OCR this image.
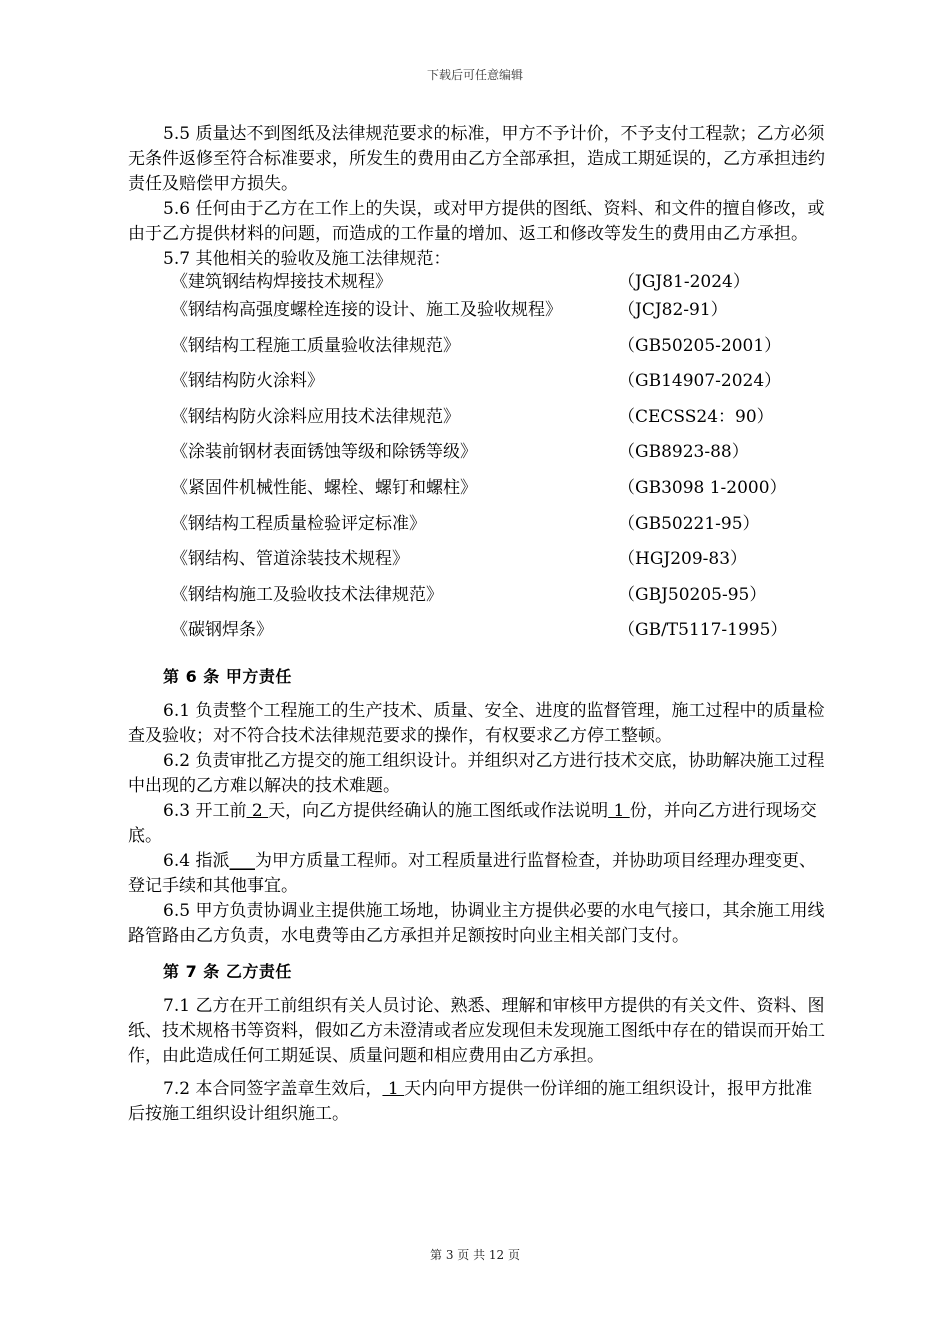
下载后可任意编辑

5.5 质量达不到图纸及法律规范要求的标准，甲方不予计价，不予支付工程款；乙方必须无条件返修至符合标准要求，所发生的费用由乙方全部承担，造成工期延误的，乙方承担违约责任及赔偿甲方损失。

5.6 任何由于乙方在工作上的失误，或对甲方提供的图纸、资料、和文件的擅自修改，或由于乙方提供材料的问题，而造成的工作量的增加、返工和修改等发生的费用由乙方承担。

5.7 其他相关的验收及施工法律规范：

《建筑钢结构焊接技术规程》	（JGJ81-2024）
《钢结构高强度螺栓连接的设计、施工及验收规程》	（JCJ82-91）
《钢结构工程施工质量验收法律规范》	（GB50205-2001）
《钢结构防火涂料》	（GB14907-2024）
《钢结构防火涂料应用技术法律规范》	（CECSS24：90）
《涂装前钢材表面锈蚀等级和除锈等级》	（GB8923-88）
《紧固件机械性能、螺栓、螺钉和螺柱》	（GB3098 1-2000）
《钢结构工程质量检验评定标准》	（GB50221-95）
《钢结构、管道涂装技术规程》	（HGJ209-83）
《钢结构施工及验收技术法律规范》	（GBJ50205-95）
《碳钢焊条》	（GB/T5117-1995）
第 6 条 甲方责任

6.1 负责整个工程施工的生产技术、质量、安全、进度的监督管理，施工过程中的质量检查及验收；对不符合技术法律规范要求的操作，有权要求乙方停工整顿。

6.2 负责审批乙方提交的施工组织设计。并组织对乙方进行技术交底，协助解决施工过程中出现的乙方难以解决的技术难题。

6.3 开工前 2 天，向乙方提供经确认的施工图纸或作法说明 1 份，并向乙方进行现场交底。

6.4 指派___为甲方质量工程师。对工程质量进行监督检查，并协助项目经理办理变更、登记手续和其他事宜。

6.5 甲方负责协调业主提供施工场地，协调业主方提供必要的水电气接口，其余施工用线路管路由乙方负责，水电费等由乙方承担并足额按时向业主相关部门支付。

第 7 条 乙方责任

7.1 乙方在开工前组织有关人员讨论、熟悉、理解和审核甲方提供的有关文件、资料、图纸、技术规格书等资料，假如乙方未澄清或者应发现但未发现施工图纸中存在的错误而开始工作，由此造成任何工期延误、质量问题和相应费用由乙方承担。

7.2 本合同签字盖章生效后， 1 天内向甲方提供一份详细的施工组织设计，报甲方批准后按施工组织设计组织施工。

第 3 页 共 12 页
